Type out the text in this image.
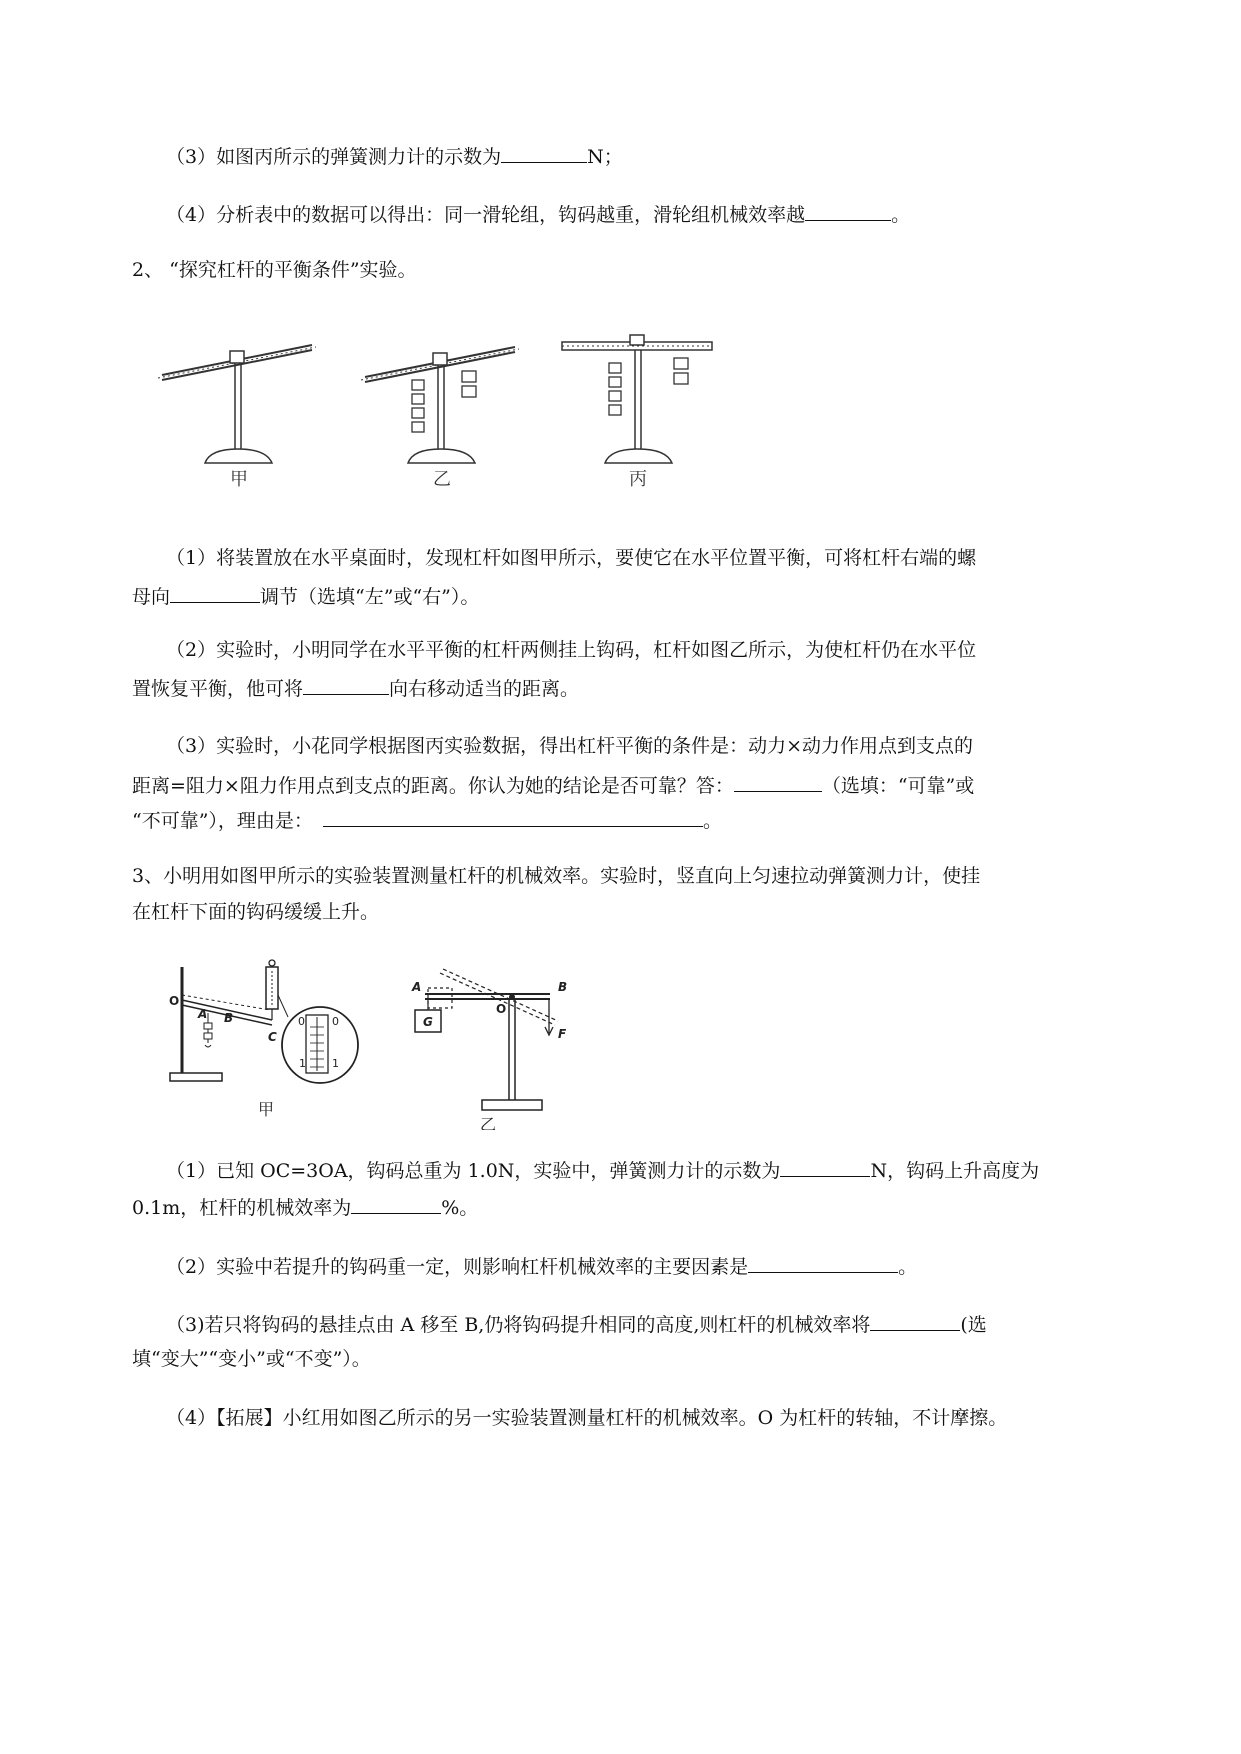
（3）如图丙所示的弹簧测力计的示数为	N；
（4）分析表中的数据可以得出：同一滑轮组，钩码越重，滑轮组机械效率越	。
2、 “探究杠杆的平衡条件”实验。
甲	乙	丙
（1）将装置放在水平桌面时，发现杠杆如图甲所示，要使它在水平位置平衡，可将杠杆右端的螺
母向	调节（选填“左”或“右”）。
（2）实验时，小明同学在水平平衡的杠杆两侧挂上钩码，杠杆如图乙所示，为使杠杆仍在水平位
置恢复平衡，他可将	向右移动适当的距离。
（3）实验时，小花同学根据图丙实验数据，得出杠杆平衡的条件是：动力×动力作用点到支点的
距离=阻力×阻力作用点到支点的距离。你认为她的结论是否可靠？答：	（选填：“可靠”或
“不可靠”），理由是：	。
3、小明用如图甲所示的实验装置测量杠杆的机械效率。实验时，竖直向上匀速拉动弹簧测力计，使挂
在杠杆下面的钩码缓缓上升。
O
A B
C
0 0
1 1
甲
A
G
O
B
F
乙
（1）已知 OC=3OA，钩码总重为 1.0N，实验中，弹簧测力计的示数为	N，钩码上升高度为
0.1m，杠杆的机械效率为	%。
（2）实验中若提升的钩码重一定，则影响杠杆机械效率的主要因素是	。
（3)若只将钩码的悬挂点由 A 移至 B,仍将钩码提升相同的高度,则杠杆的机械效率将	(选
填“变大”“变小”或“不变”）。
（4）【拓展】小红用如图乙所示的另一实验装置测量杠杆的机械效率。O 为杠杆的转轴，不计摩擦。
